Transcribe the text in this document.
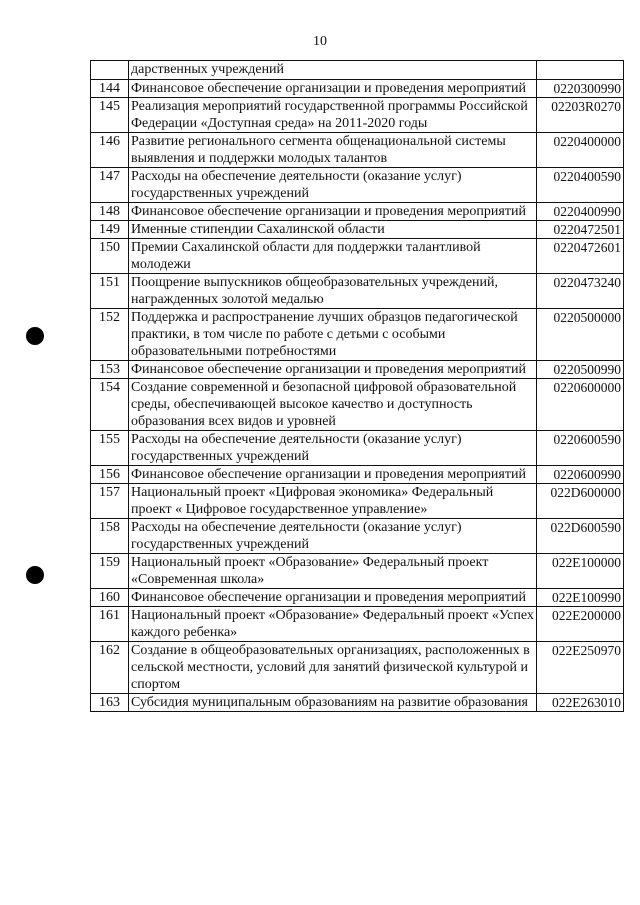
10
	дарственных учреждений	
144	Финансовое обеспечение организации и проведения мероприятий	0220300990
145	Реализация мероприятий государственной программы Российской Федерации «Доступная среда» на 2011-2020 годы	02203R0270
146	Развитие регионального сегмента общенациональной системы выявления и поддержки молодых талантов	0220400000
147	Расходы на обеспечение деятельности (оказание услуг) государственных учреждений	0220400590
148	Финансовое обеспечение организации и проведения мероприятий	0220400990
149	Именные стипендии Сахалинской области	0220472501
150	Премии Сахалинской области для поддержки талантливой молодежи	0220472601
151	Поощрение выпускников общеобразовательных учреждений, награжденных золотой медалью	0220473240
152	Поддержка и распространение лучших образцов педагогической практики, в том числе по работе с детьми с особыми образовательными потребностями	0220500000
153	Финансовое обеспечение организации и проведения мероприятий	0220500990
154	Создание современной и безопасной цифровой образовательной среды, обеспечивающей высокое качество и доступность образования всех видов и уровней	0220600000
155	Расходы на обеспечение деятельности (оказание услуг) государственных учреждений	0220600590
156	Финансовое обеспечение организации и проведения мероприятий	0220600990
157	Национальный проект «Цифровая экономика» Федеральный проект « Цифровое государственное управление»	022D600000
158	Расходы на обеспечение деятельности (оказание услуг) государственных учреждений	022D600590
159	Национальный проект «Образование» Федеральный проект «Современная школа»	022E100000
160	Финансовое обеспечение организации и проведения мероприятий	022E100990
161	Национальный проект «Образование» Федеральный проект «Успех каждого ребенка»	022E200000
162	Создание в общеобразовательных организациях, расположенных в сельской местности, условий для занятий физической культурой и спортом	022E250970
163	Субсидия муниципальным образованиям на развитие образования	022E263010
